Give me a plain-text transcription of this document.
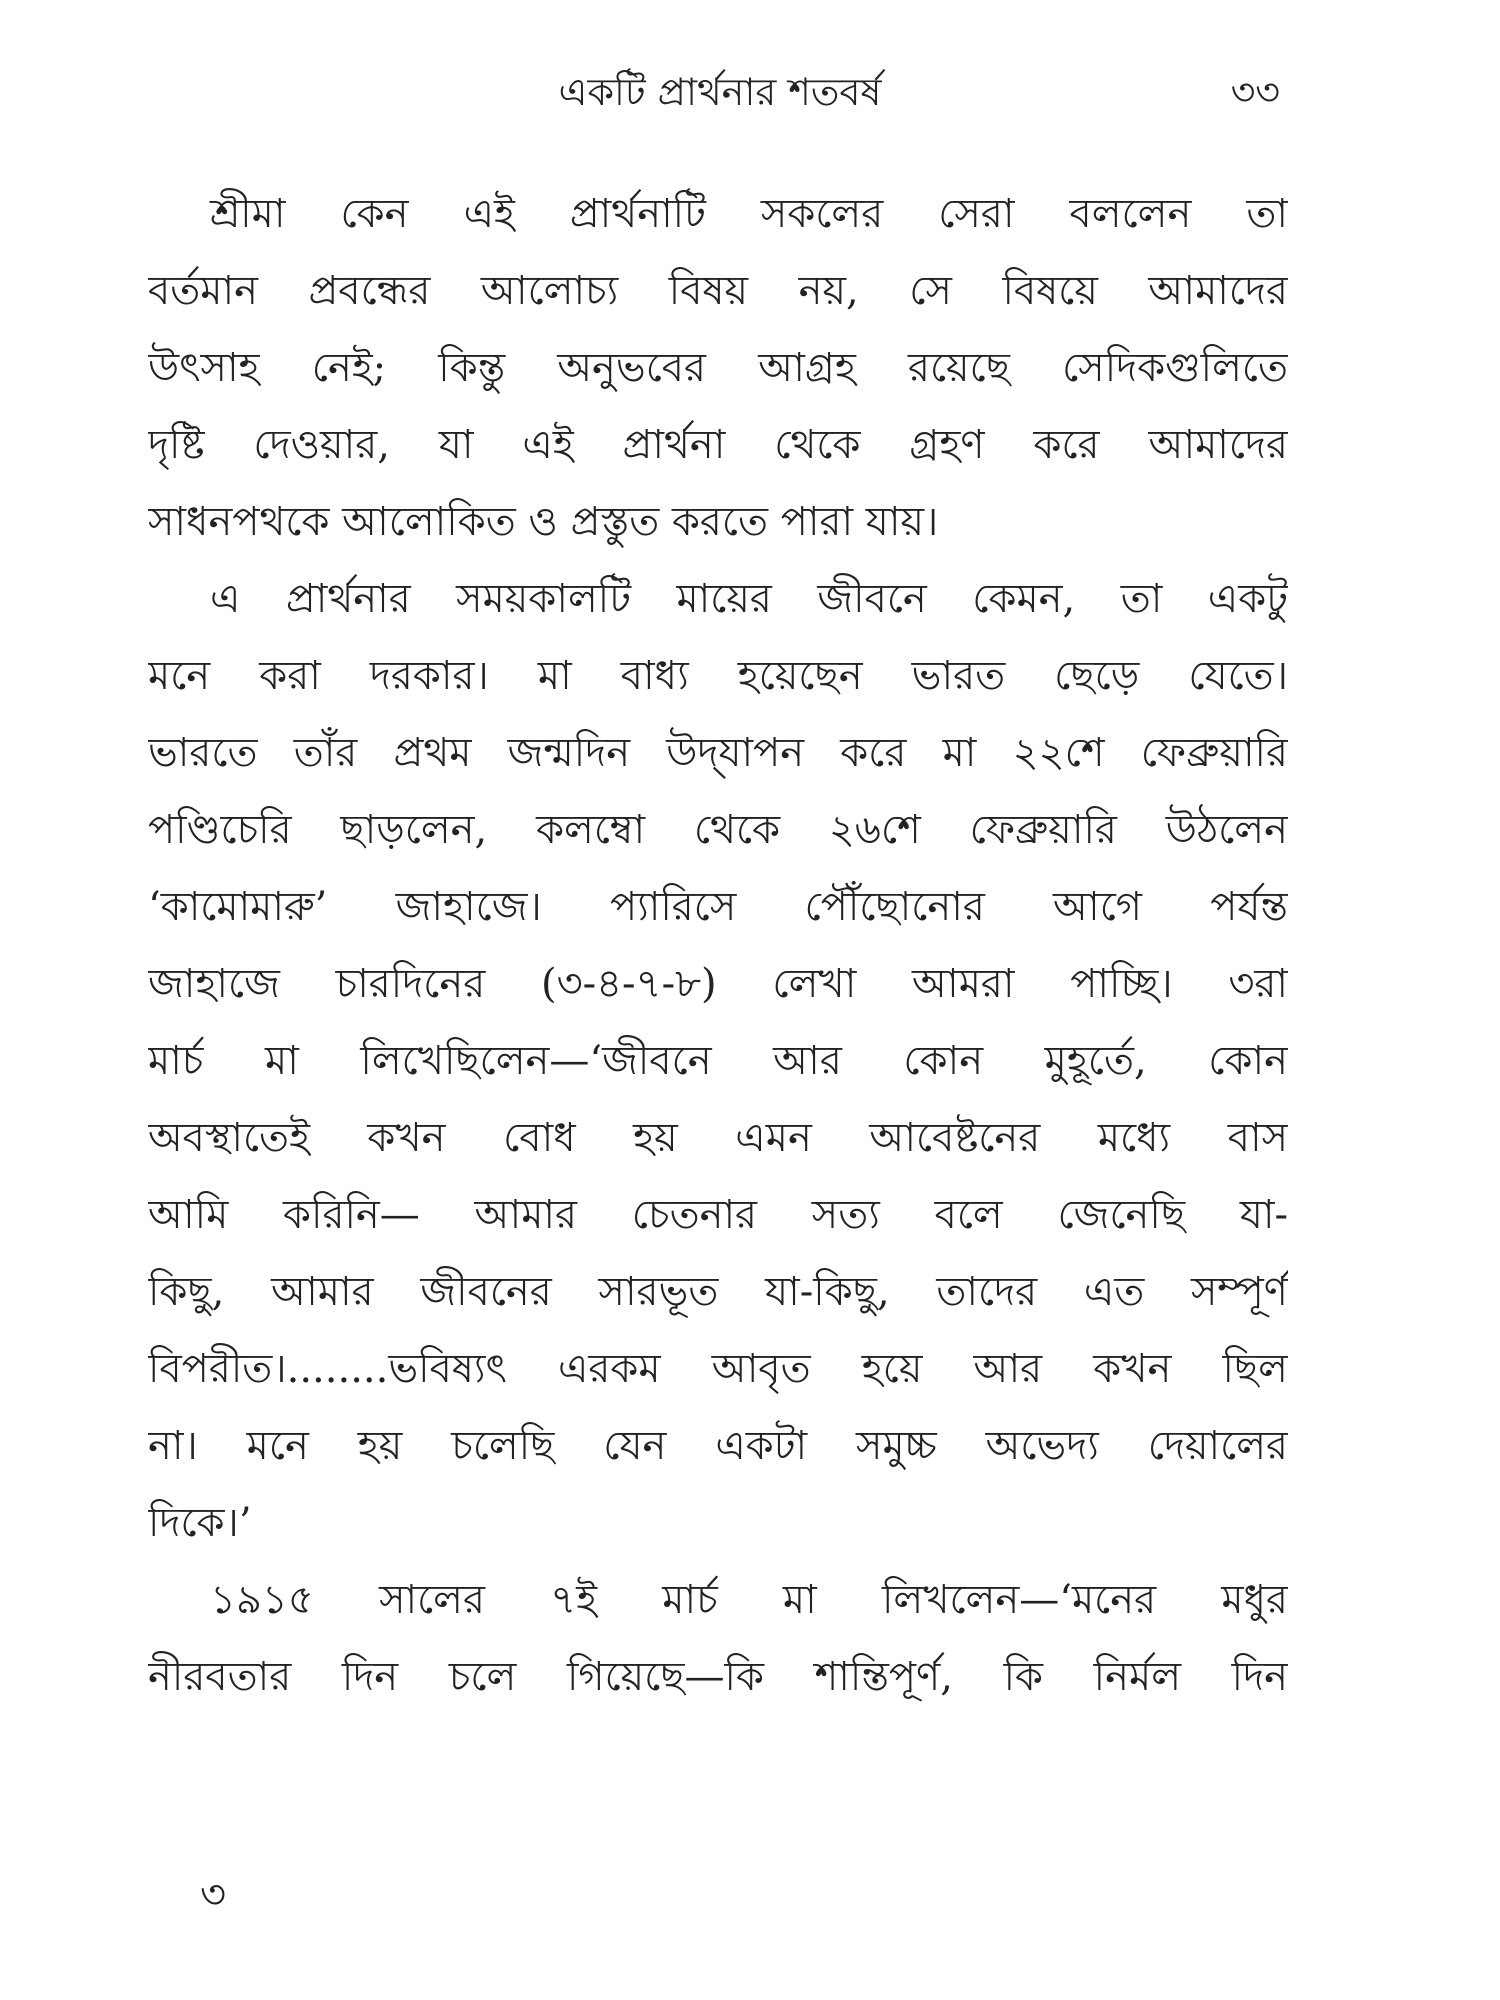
একটি প্রার্থনার শতবর্ষ	৩৩
শ্রীমা কেন এই প্রার্থনাটি সকলের সেরা বললেন তা
বর্তমান প্রবন্ধের আলোচ্য বিষয় নয়, সে বিষয়ে আমাদের
উৎসাহ নেই; কিন্তু অনুভবের আগ্রহ রয়েছে সেদিকগুলিতে
দৃষ্টি দেওয়ার, যা এই প্রার্থনা থেকে গ্রহণ করে আমাদের
সাধনপথকে আলোকিত ও প্রস্তুত করতে পারা যায়।
এ প্রার্থনার সময়কালটি মায়ের জীবনে কেমন, তা একটু
মনে করা দরকার। মা বাধ্য হয়েছেন ভারত ছেড়ে যেতে।
ভারতে তাঁর প্রথম জন্মদিন উদ্‌যাপন করে মা ২২শে ফেব্রুয়ারি
পণ্ডিচেরি ছাড়লেন, কলম্বো থেকে ২৬শে ফেব্রুয়ারি উঠলেন
‘কামোমারু’ জাহাজে। প্যারিসে পৌঁছোনোর আগে পর্যন্ত
জাহাজে চারদিনের (৩-৪-৭-৮) লেখা আমরা পাচ্ছি। ৩রা
মার্চ মা লিখেছিলেন—‘জীবনে আর কোন মুহূর্তে, কোন
অবস্থাতেই কখন বোধ হয় এমন আবেষ্টনের মধ্যে বাস
আমি করিনি— আমার চেতনার সত্য বলে জেনেছি যা-
কিছু, আমার জীবনের সারভূত যা-কিছু, তাদের এত সম্পূর্ণ
বিপরীত।........ভবিষ্যৎ এরকম আবৃত হয়ে আর কখন ছিল
না। মনে হয় চলেছি যেন একটা সমুচ্চ অভেদ্য দেয়ালের
দিকে।’
১৯১৫ সালের ৭ই মার্চ মা লিখলেন—‘মনের মধুর
নীরবতার দিন চলে গিয়েছে—কি শান্তিপূর্ণ, কি নির্মল দিন
৩
